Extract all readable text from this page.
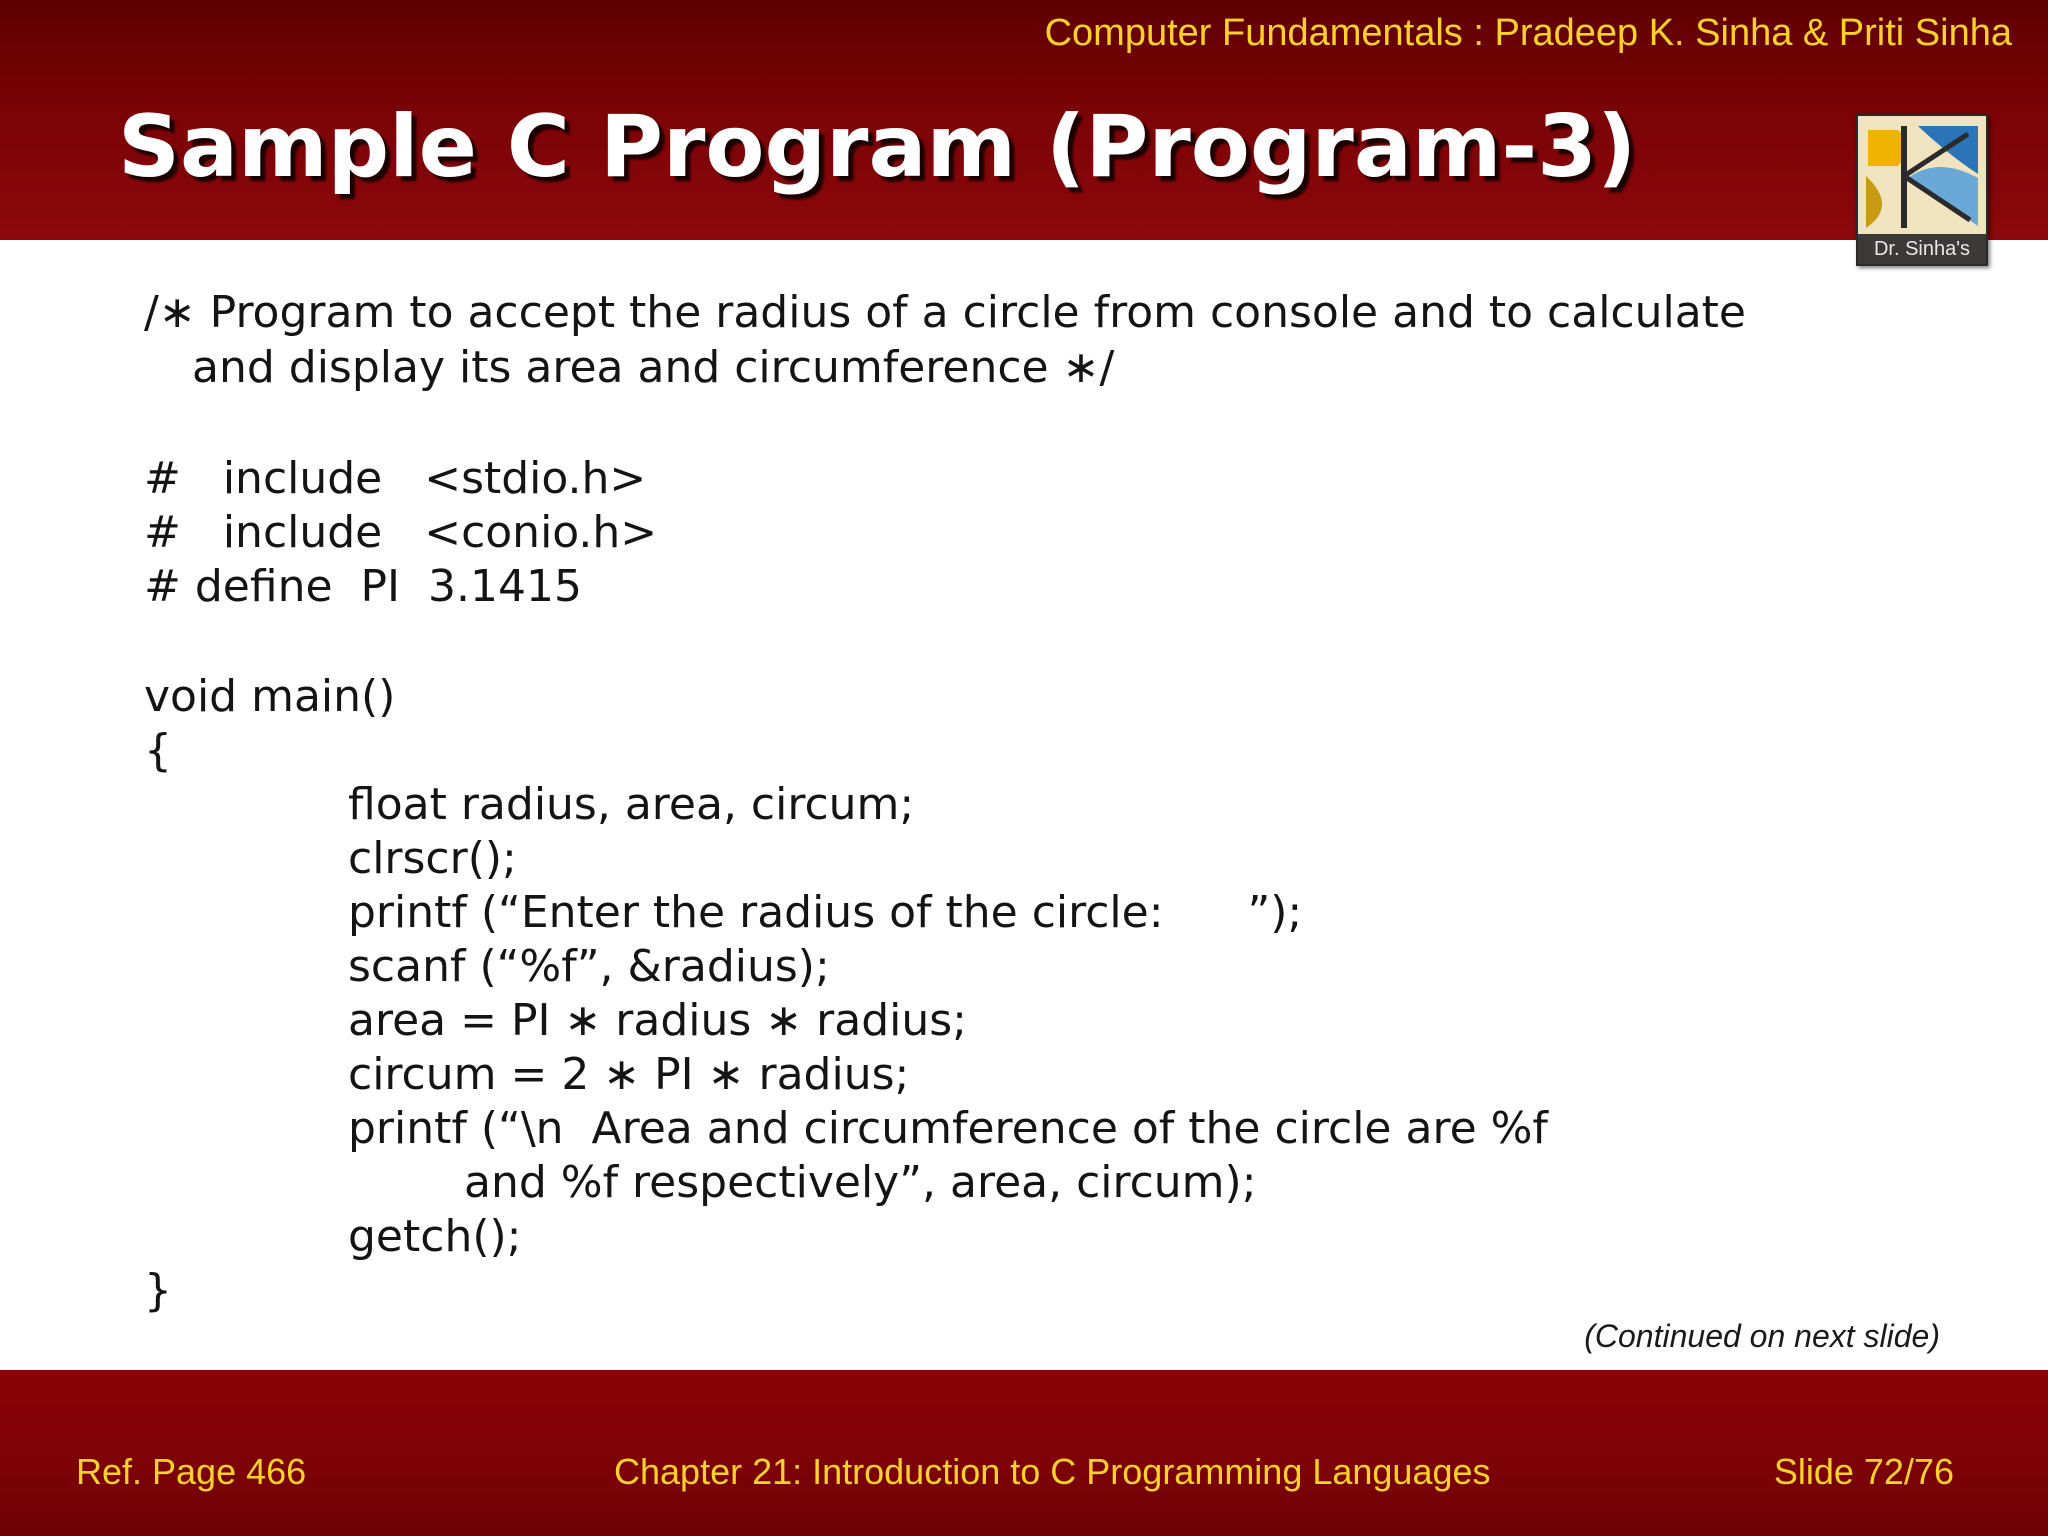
Computer Fundamentals : Pradeep K. Sinha & Priti Sinha
Sample C Program (Program-3)
Dr. Sinha's
/∗ Program to accept the radius of a circle from console and to calculate
and display its area and circumference ∗/
#   include   <stdio.h>
#   include   <conio.h>
# define  PI  3.1415
void main()
{
float radius, area, circum;
clrscr();
printf (“Enter the radius of the circle:      ”);
scanf (“%f”, &radius);
area = PI ∗ radius ∗ radius;
circum = 2 ∗ PI ∗ radius;
printf (“\n  Area and circumference of the circle are %f
and %f respectively”, area, circum);
getch();
}
(Continued on next slide)
Ref. Page 466	Chapter 21: Introduction to C Programming Languages	Slide 72/76
